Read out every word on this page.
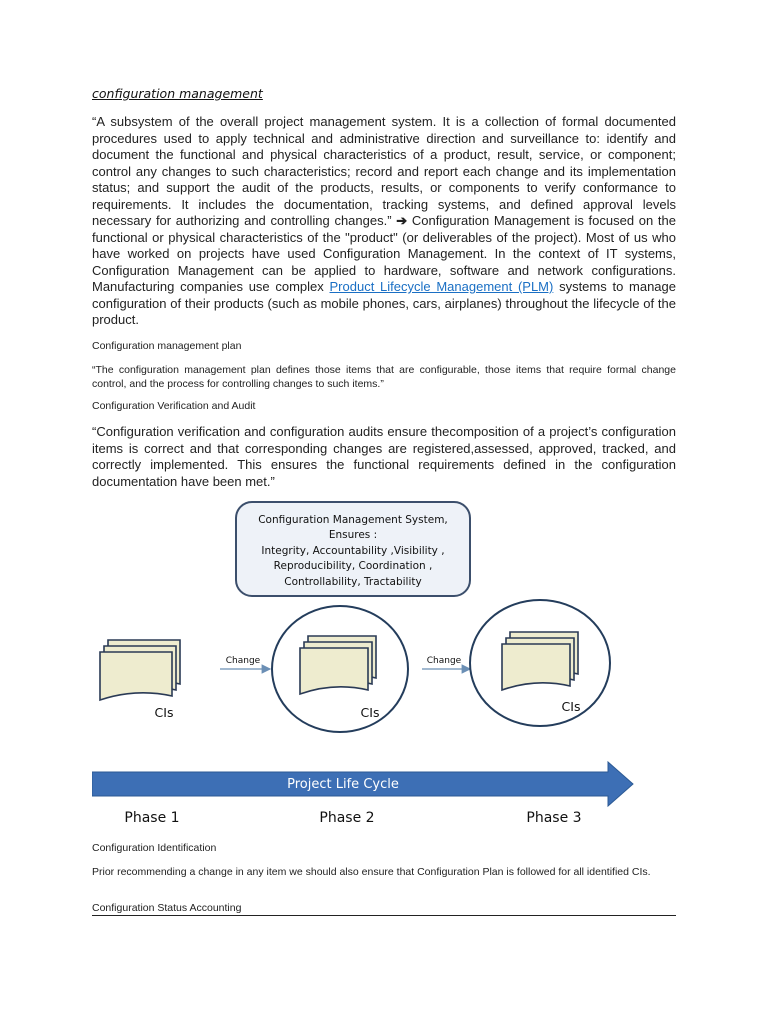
configuration management

“A subsystem of the overall project management system. It is a collection of formal documented procedures used to apply technical and administrative direction and surveillance to: identify and document the functional and physical characteristics of a product, result, service, or component; control any changes to such characteristics; record and report each change and its implementation status; and support the audit of the products, results, or components to verify conformance to requirements. It includes the documentation, tracking systems, and defined approval levels necessary for authorizing and controlling changes.” ➔ Configuration Management is focused on the functional or physical characteristics of the "product" (or deliverables of the project). Most of us who have worked on projects have used Configuration Management. In the context of IT systems, Configuration Management can be applied to hardware, software and network configurations. Manufacturing companies use complex Product Lifecycle Management (PLM) systems to manage configuration of their products (such as mobile phones, cars, airplanes) throughout the lifecycle of the product.

Configuration management plan

“The configuration management plan defines those items that are configurable, those items that require formal change control, and the process for controlling changes to such items.”

Configuration Verification and Audit

“Configuration verification and configuration audits ensure thecomposition of a project’s configuration items is correct and that corresponding changes are registered,assessed, approved, tracked, and correctly implemented. This ensures the functional requirements defined in the configuration documentation have been met.”

Configuration Management System,
Ensures :
Integrity, Accountability ,Visibility ,
Reproducibility, Coordination ,
Controllability, Tractability
CIs
Change
CIs
Change
CIs
Project Life Cycle
Phase 1	Phase 2	Phase 3
Configuration Identification

Prior recommending a change in any item we should also ensure that Configuration Plan is followed for all identified CIs.

Configuration Status Accounting
